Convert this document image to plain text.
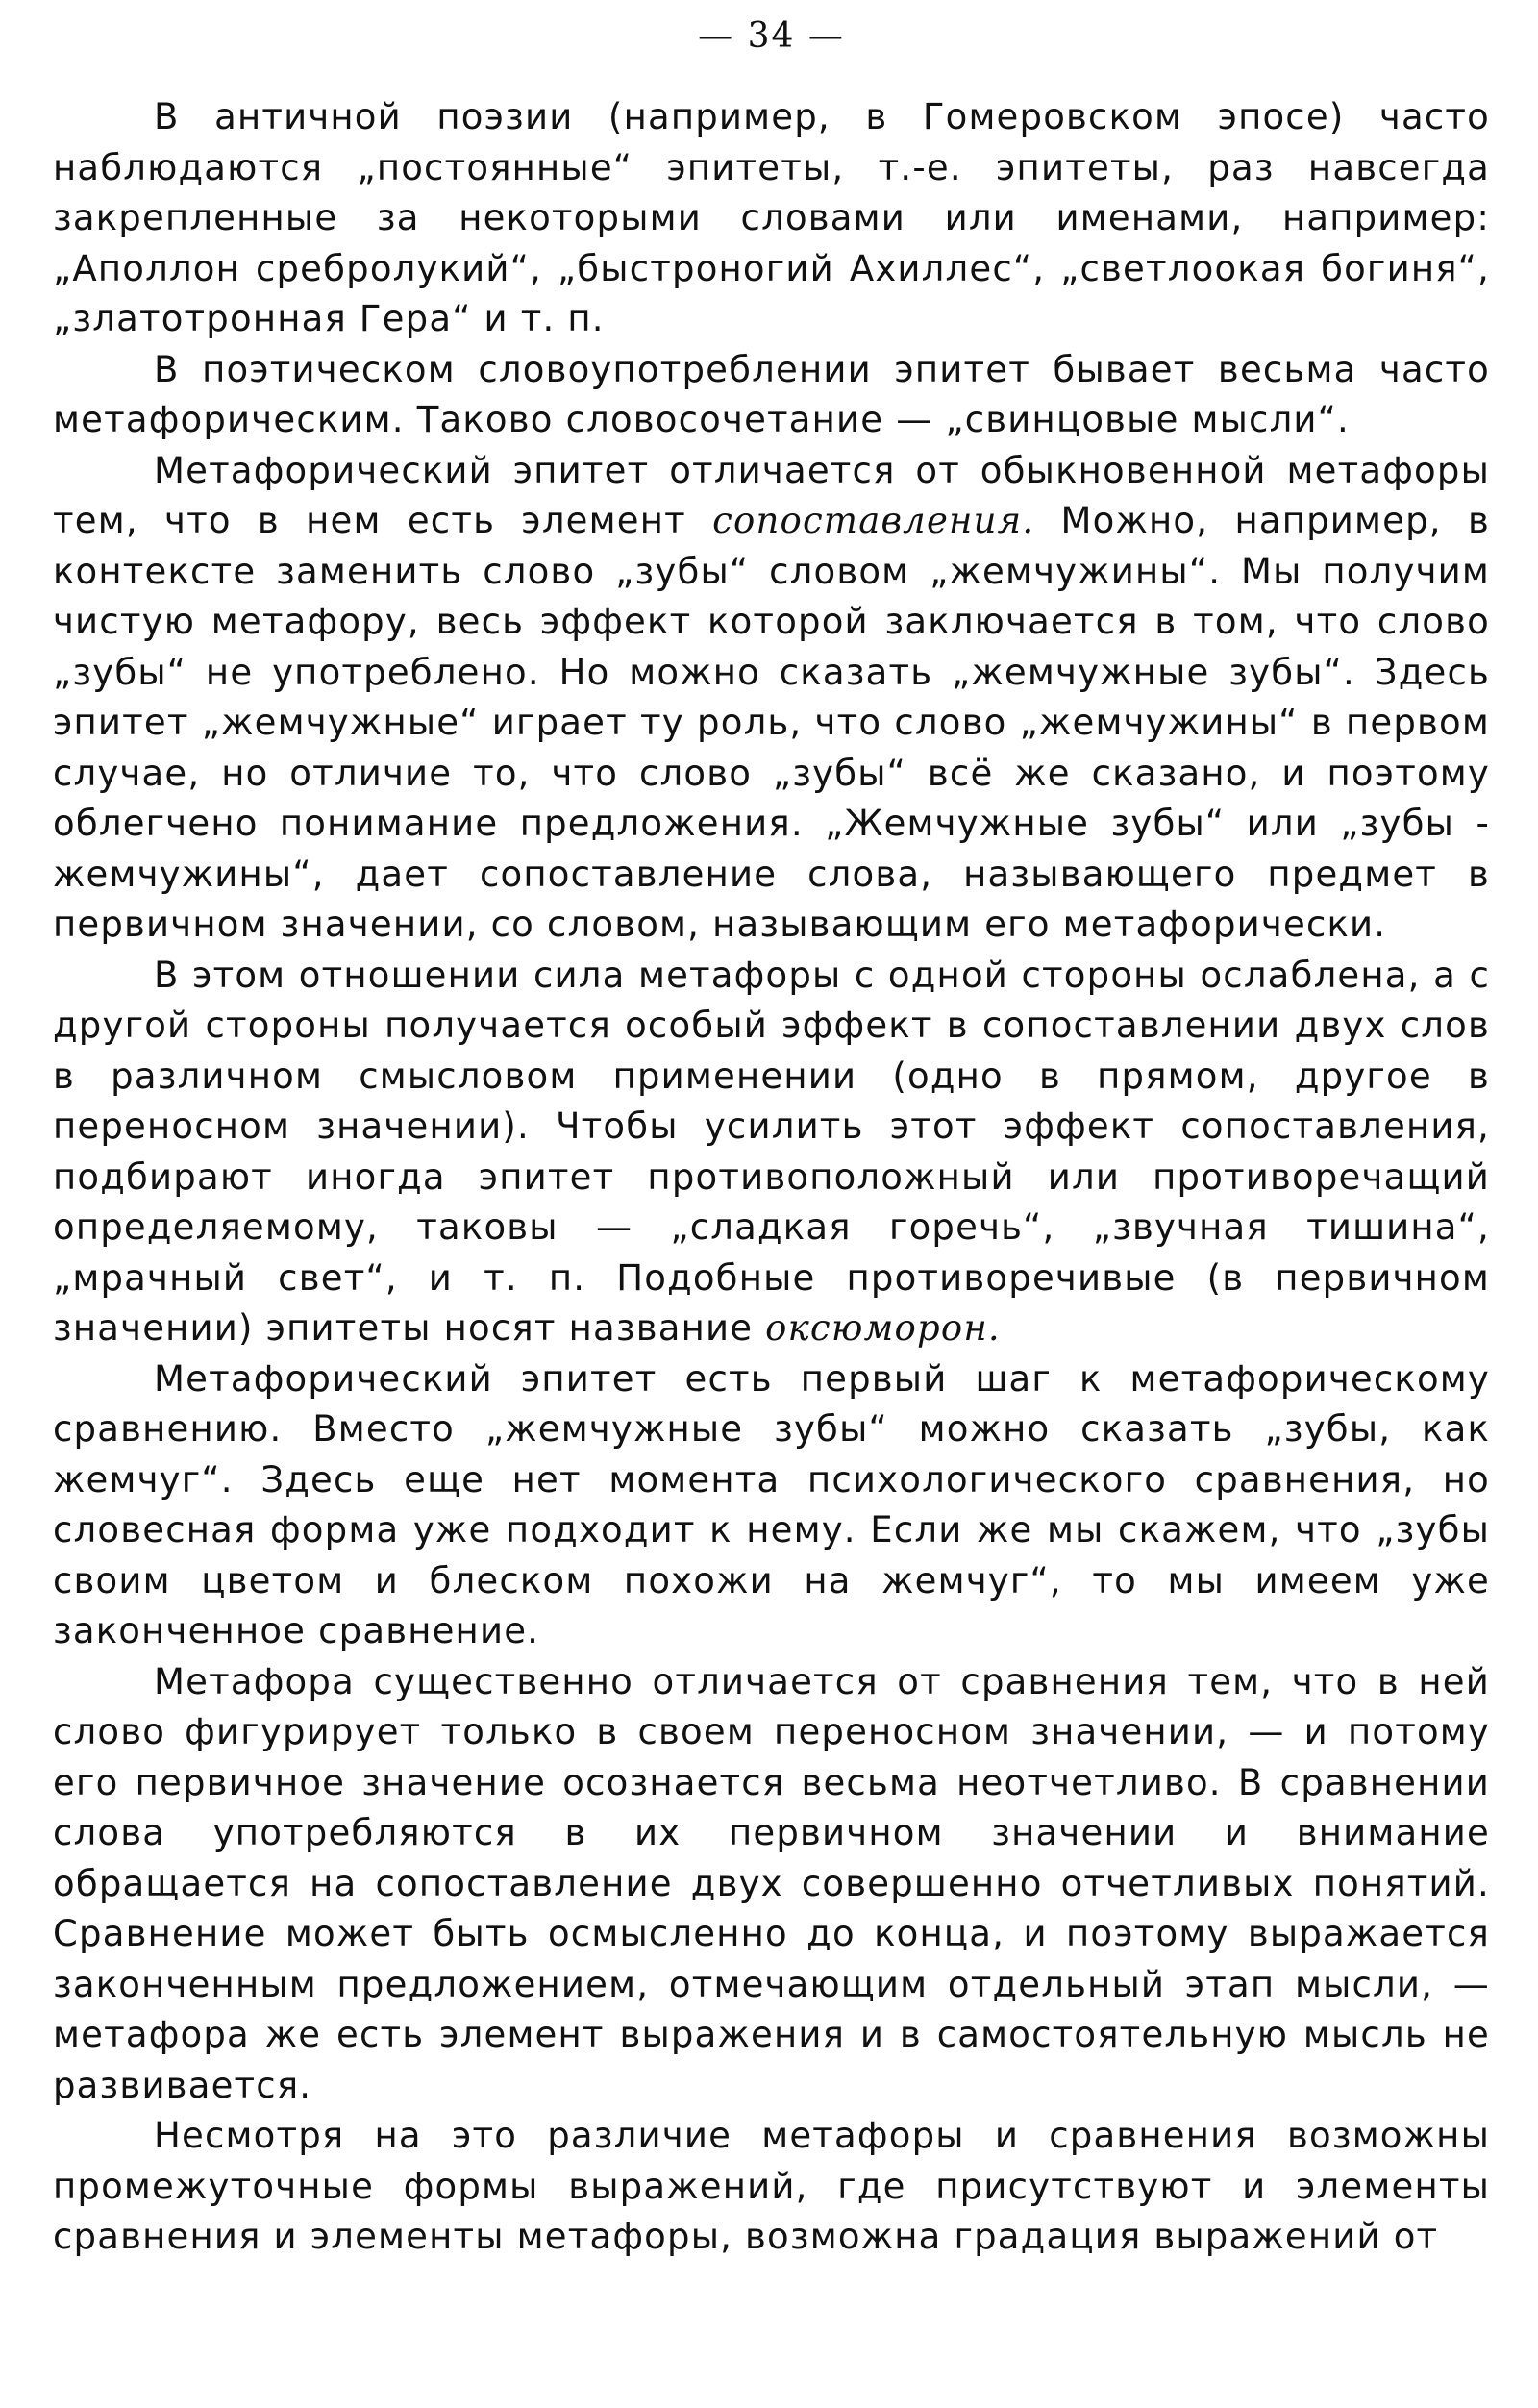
— 34 —

В античной поэзии (например, в Гомеровском эпосе) часто наблюдаются „постоянные“ эпитеты, т.-е. эпитеты, раз навсегда закрепленные за некоторыми словами или именами, например: „Аполлон сребролукий“, „быстроногий Ахиллес“, „светлоокая богиня“, „златотронная Гера“ и т. п.

В поэтическом словоупотреблении эпитет бывает весьма часто метафорическим. Таково словосочетание — „свинцовые мысли“.

Метафорический эпитет отличается от обыкновенной метафоры тем, что в нем есть элемент сопоставления. Можно, например, в контексте заменить слово „зубы“ словом „жемчужины“. Мы получим чистую метафору, весь эффект которой заключается в том, что слово „зубы“ не употреблено. Но можно сказать „жемчужные зубы“. Здесь эпитет „жемчужные“ играет ту роль, что слово „жемчужины“ в первом случае, но отличие то, что слово „зубы“ всё же сказано, и поэтому облегчено понимание предложения. „Жемчужные зубы“ или „зубы - жемчужины“, дает сопоставление слова, называющего предмет в первичном значении, со словом, называющим его метафорически.

В этом отношении сила метафоры с одной стороны ослаблена, а с другой стороны получается особый эффект в сопоставлении двух слов в различном смысловом применении (одно в прямом, другое в переносном значении). Чтобы усилить этот эффект сопоставления, подбирают иногда эпитет противоположный или противоречащий определяемому, таковы — „сладкая горечь“, „звучная тишина“, „мрачный свет“, и т. п. Подобные противоречивые (в первичном значении) эпитеты носят название оксюморон.

Метафорический эпитет есть первый шаг к метафорическому сравнению. Вместо „жемчужные зубы“ можно сказать „зубы, как жемчуг“. Здесь еще нет момента психологического сравнения, но словесная форма уже подходит к нему. Если же мы скажем, что „зубы своим цветом и блеском похожи на жемчуг“, то мы имеем уже законченное сравнение.

Метафора существенно отличается от сравнения тем, что в ней слово фигурирует только в своем переносном значении, — и потому его первичное значение осознается весьма неотчетливо. В сравнении слова употребляются в их первичном значении и внимание обращается на сопоставление двух совершенно отчетливых понятий. Сравнение может быть осмысленно до конца, и поэтому выражается законченным предложением, отмечающим отдельный этап мысли, — метафора же есть элемент выражения и в самостоятельную мысль не развивается.

Несмотря на это различие метафоры и сравнения возможны промежуточные формы выражений, где присутствуют и элементы сравнения и элементы метафоры, возможна градация выражений от
